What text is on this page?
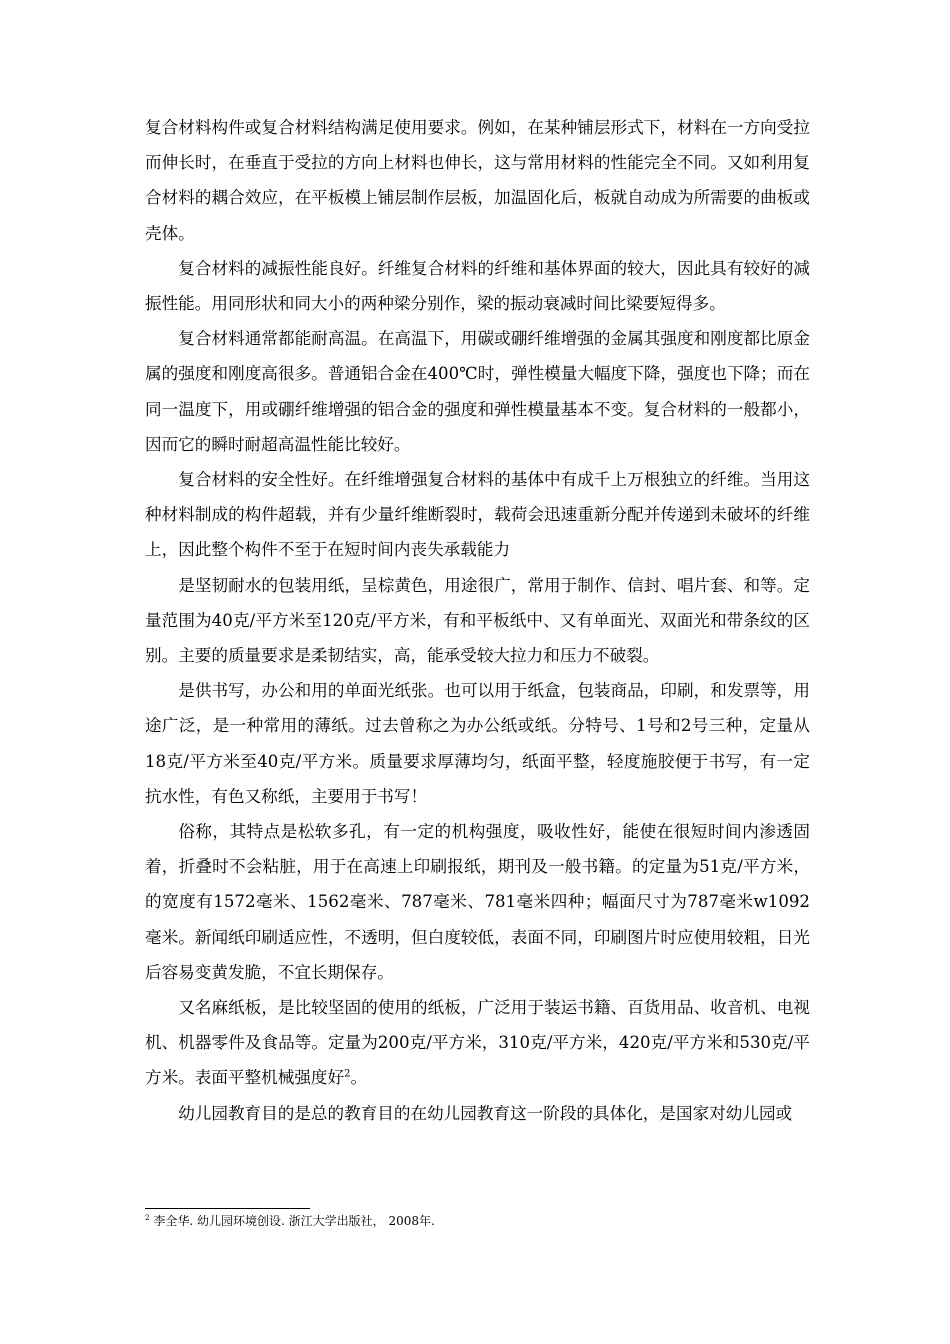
复合材料构件或复合材料结构满足使用要求。例如，在某种铺层形式下，材料在一方向受拉而伸长时，在垂直于受拉的方向上材料也伸长，这与常用材料的性能完全不同。又如利用复合材料的耦合效应，在平板模上铺层制作层板，加温固化后，板就自动成为所需要的曲板或壳体。

复合材料的减振性能良好。纤维复合材料的纤维和基体界面的较大，因此具有较好的减振性能。用同形状和同大小的两种梁分别作，梁的振动衰减时间比梁要短得多。

复合材料通常都能耐高温。在高温下，用碳或硼纤维增强的金属其强度和刚度都比原金属的强度和刚度高很多。普通铝合金在400℃时，弹性模量大幅度下降，强度也下降；而在同一温度下，用或硼纤维增强的铝合金的强度和弹性模量基本不变。复合材料的一般都小，因而它的瞬时耐超高温性能比较好。

复合材料的安全性好。在纤维增强复合材料的基体中有成千上万根独立的纤维。当用这种材料制成的构件超载，并有少量纤维断裂时，载荷会迅速重新分配并传递到未破坏的纤维上，因此整个构件不至于在短时间内丧失承载能力

是坚韧耐水的包装用纸，呈棕黄色，用途很广，常用于制作、信封、唱片套、和等。定量范围为40克/平方米至120克/平方米，有和平板纸中、又有单面光、双面光和带条纹的区别。主要的质量要求是柔韧结实，高，能承受较大拉力和压力不破裂。

是供书写，办公和用的单面光纸张。也可以用于纸盒，包装商品，印刷，和发票等，用途广泛，是一种常用的薄纸。过去曾称之为办公纸或纸。分特号、1号和2号三种，定量从18克/平方米至40克/平方米。质量要求厚薄均匀，纸面平整，轻度施胶便于书写，有一定抗水性，有色又称纸，主要用于书写！

俗称，其特点是松软多孔，有一定的机构强度，吸收性好，能使在很短时间内渗透固着，折叠时不会粘脏，用于在高速上印刷报纸，期刊及一般书籍。的定量为51克/平方米，的宽度有1572毫米、1562毫米、787毫米、781毫米四种；幅面尺寸为787毫米w1092毫米。新闻纸印刷适应性，不透明，但白度较低，表面不同，印刷图片时应使用较粗，日光后容易变黄发脆，不宜长期保存。

又名麻纸板，是比较坚固的使用的纸板，广泛用于装运书籍、百货用品、收音机、电视机、机器零件及食品等。定量为200克/平方米，310克/平方米，420克/平方米和530克/平方米。表面平整机械强度好$^2$。

幼儿园教育目的是总的教育目的在幼儿园教育这一阶段的具体化，是国家对幼儿园或

$^2$ 李全华. 幼儿园环境创设. 浙江大学出版社， 2008年.
